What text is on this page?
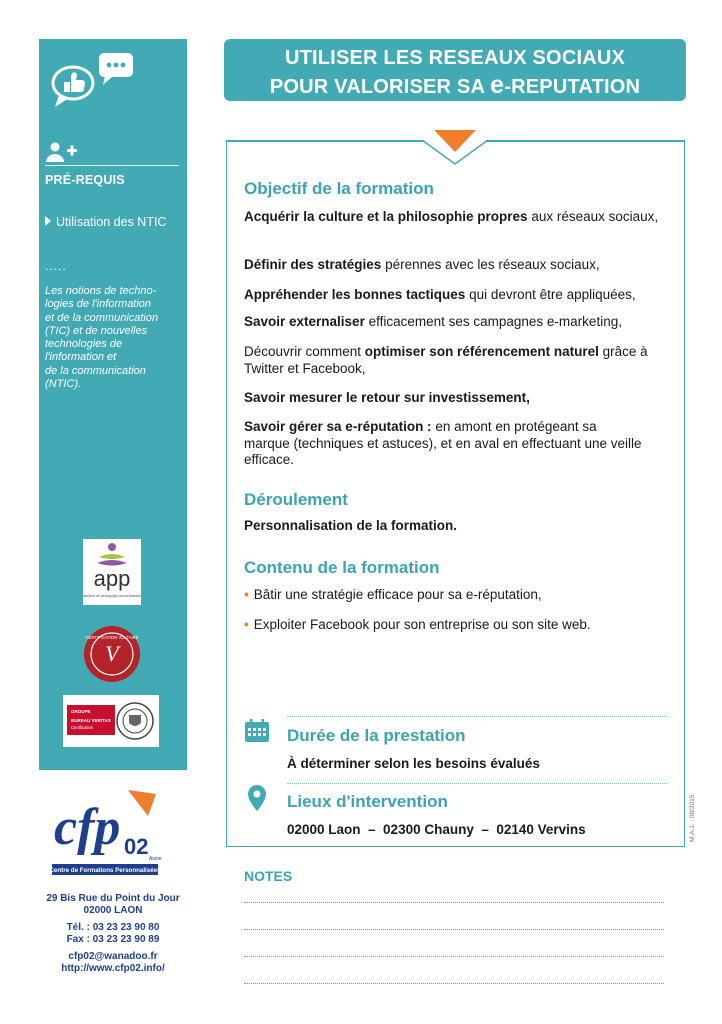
PRÉ-REQUIS
Utilisation des NTIC
.....
Les notions de techno-
logies de l'information
et de la communication
(TIC) et de nouvelles
technologies de
l'information et
de la communication
(NTIC).
app
ateliers de pédagogie personnalisée
V
CERTIFICATION VOLTAIRE
GROUPE
BUREAU VERITAS
Certification
cfp 02 Aisne
Centre de Formations Personnalisées
29 Bis Rue du Point du Jour
02000 LAON
Tél. : 03 23 23 90 80
Fax : 03 23 23 90 89
cfp02@wanadoo.fr
http://www.cfp02.info/
UTILISER LES RESEAUX SOCIAUX
POUR VALORISER SA e-REPUTATION
Objectif de la formation
Acquérir la culture et la philosophie propres aux réseaux sociaux,
Définir des stratégies pérennes avec les réseaux sociaux,
Appréhender les bonnes tactiques qui devront être appliquées,
Savoir externaliser efficacement ses campagnes e-marketing,
Découvrir comment optimiser son référencement naturel grâce à Twitter et Facebook,
Savoir mesurer le retour sur investissement,
Savoir gérer sa e-réputation : en amont en protégeant sa marque (techniques et astuces), et en aval en effectuant une veille efficace.
Déroulement
Personnalisation de la formation.
Contenu de la formation
• Bâtir une stratégie efficace pour sa e-réputation,
• Exploiter Facebook pour son entreprise ou son site web.
Durée de la prestation
À déterminer selon les besoins évalués
Lieux d'intervention
02000 Laon  –  02300 Chauny  –  02140 Vervins	M.A.J. : 08/2015
NOTES
